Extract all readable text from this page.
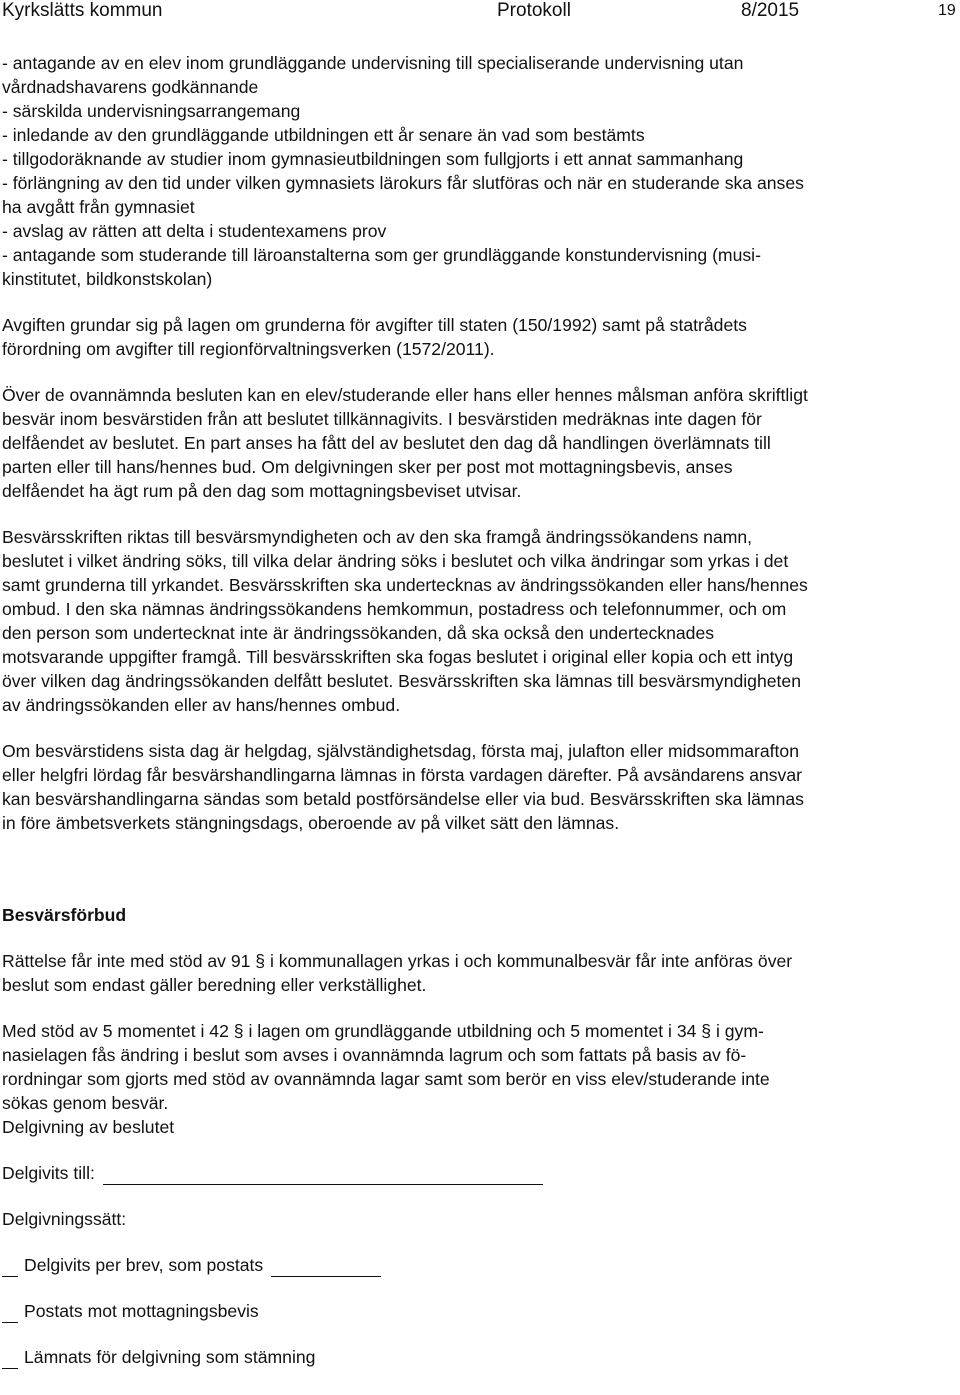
Kyrkslätts kommun	Protokoll	8/2015	19
- antagande av en elev inom grundläggande undervisning till specialiserande undervisning utan
vårdnadshavarens godkännande
- särskilda undervisningsarrangemang
- inledande av den grundläggande utbildningen ett år senare än vad som bestämts
- tillgodoräknande av studier inom gymnasieutbildningen som fullgjorts i ett annat sammanhang
- förlängning av den tid under vilken gymnasiets lärokurs får slutföras och när en studerande ska anses
ha avgått från gymnasiet
- avslag av rätten att delta i studentexamens prov
- antagande som studerande till läroanstalterna som ger grundläggande konstundervisning (musi-
kinstitutet, bildkonstskolan)
Avgiften grundar sig på lagen om grunderna för avgifter till staten (150/1992) samt på statrådets
förordning om avgifter till regionförvaltningsverken (1572/2011).
Över de ovannämnda besluten kan en elev/studerande eller hans eller hennes målsman anföra skriftligt
besvär inom besvärstiden från att beslutet tillkännagivits. I besvärstiden medräknas inte dagen för
delfåendet av beslutet. En part anses ha fått del av beslutet den dag då handlingen överlämnats till
parten eller till hans/hennes bud. Om delgivningen sker per post mot mottagningsbevis, anses
delfåendet ha ägt rum på den dag som mottagningsbeviset utvisar.
Besvärsskriften riktas till besvärsmyndigheten och av den ska framgå ändringssökandens namn,
beslutet i vilket ändring söks, till vilka delar ändring söks i beslutet och vilka ändringar som yrkas i det
samt grunderna till yrkandet. Besvärsskriften ska undertecknas av ändringssökanden eller hans/hennes
ombud. I den ska nämnas ändringssökandens hemkommun, postadress och telefonnummer, och om
den person som undertecknat inte är ändringssökanden, då ska också den undertecknades
motsvarande uppgifter framgå. Till besvärsskriften ska fogas beslutet i original eller kopia och ett intyg
över vilken dag ändringssökanden delfått beslutet. Besvärsskriften ska lämnas till besvärsmyndigheten
av ändringssökanden eller av hans/hennes ombud.
Om besvärstidens sista dag är helgdag, självständighetsdag, första maj, julafton eller midsommarafton
eller helgfri lördag får besvärshandlingarna lämnas in första vardagen därefter. På avsändarens ansvar
kan besvärshandlingarna sändas som betald postförsändelse eller via bud. Besvärsskriften ska lämnas
in före ämbetsverkets stängningsdags, oberoende av på vilket sätt den lämnas.
Besvärsförbud
Rättelse får inte med stöd av 91 § i kommunallagen yrkas i och kommunalbesvär får inte anföras över
beslut som endast gäller beredning eller verkställighet.
Med stöd av 5 momentet i 42 § i lagen om grundläggande utbildning och 5 momentet i 34 § i gym-
nasielagen fås ändring i beslut som avses i ovannämnda lagrum och som fattats på basis av fö-
rordningar som gjorts med stöd av ovannämnda lagar samt som berör en viss elev/studerande inte
sökas genom besvär.
Delgivning av beslutet
Delgivits till:
Delgivningssätt:
Delgivits per brev, som postats
Postats mot mottagningsbevis
Lämnats för delgivning som stämning
